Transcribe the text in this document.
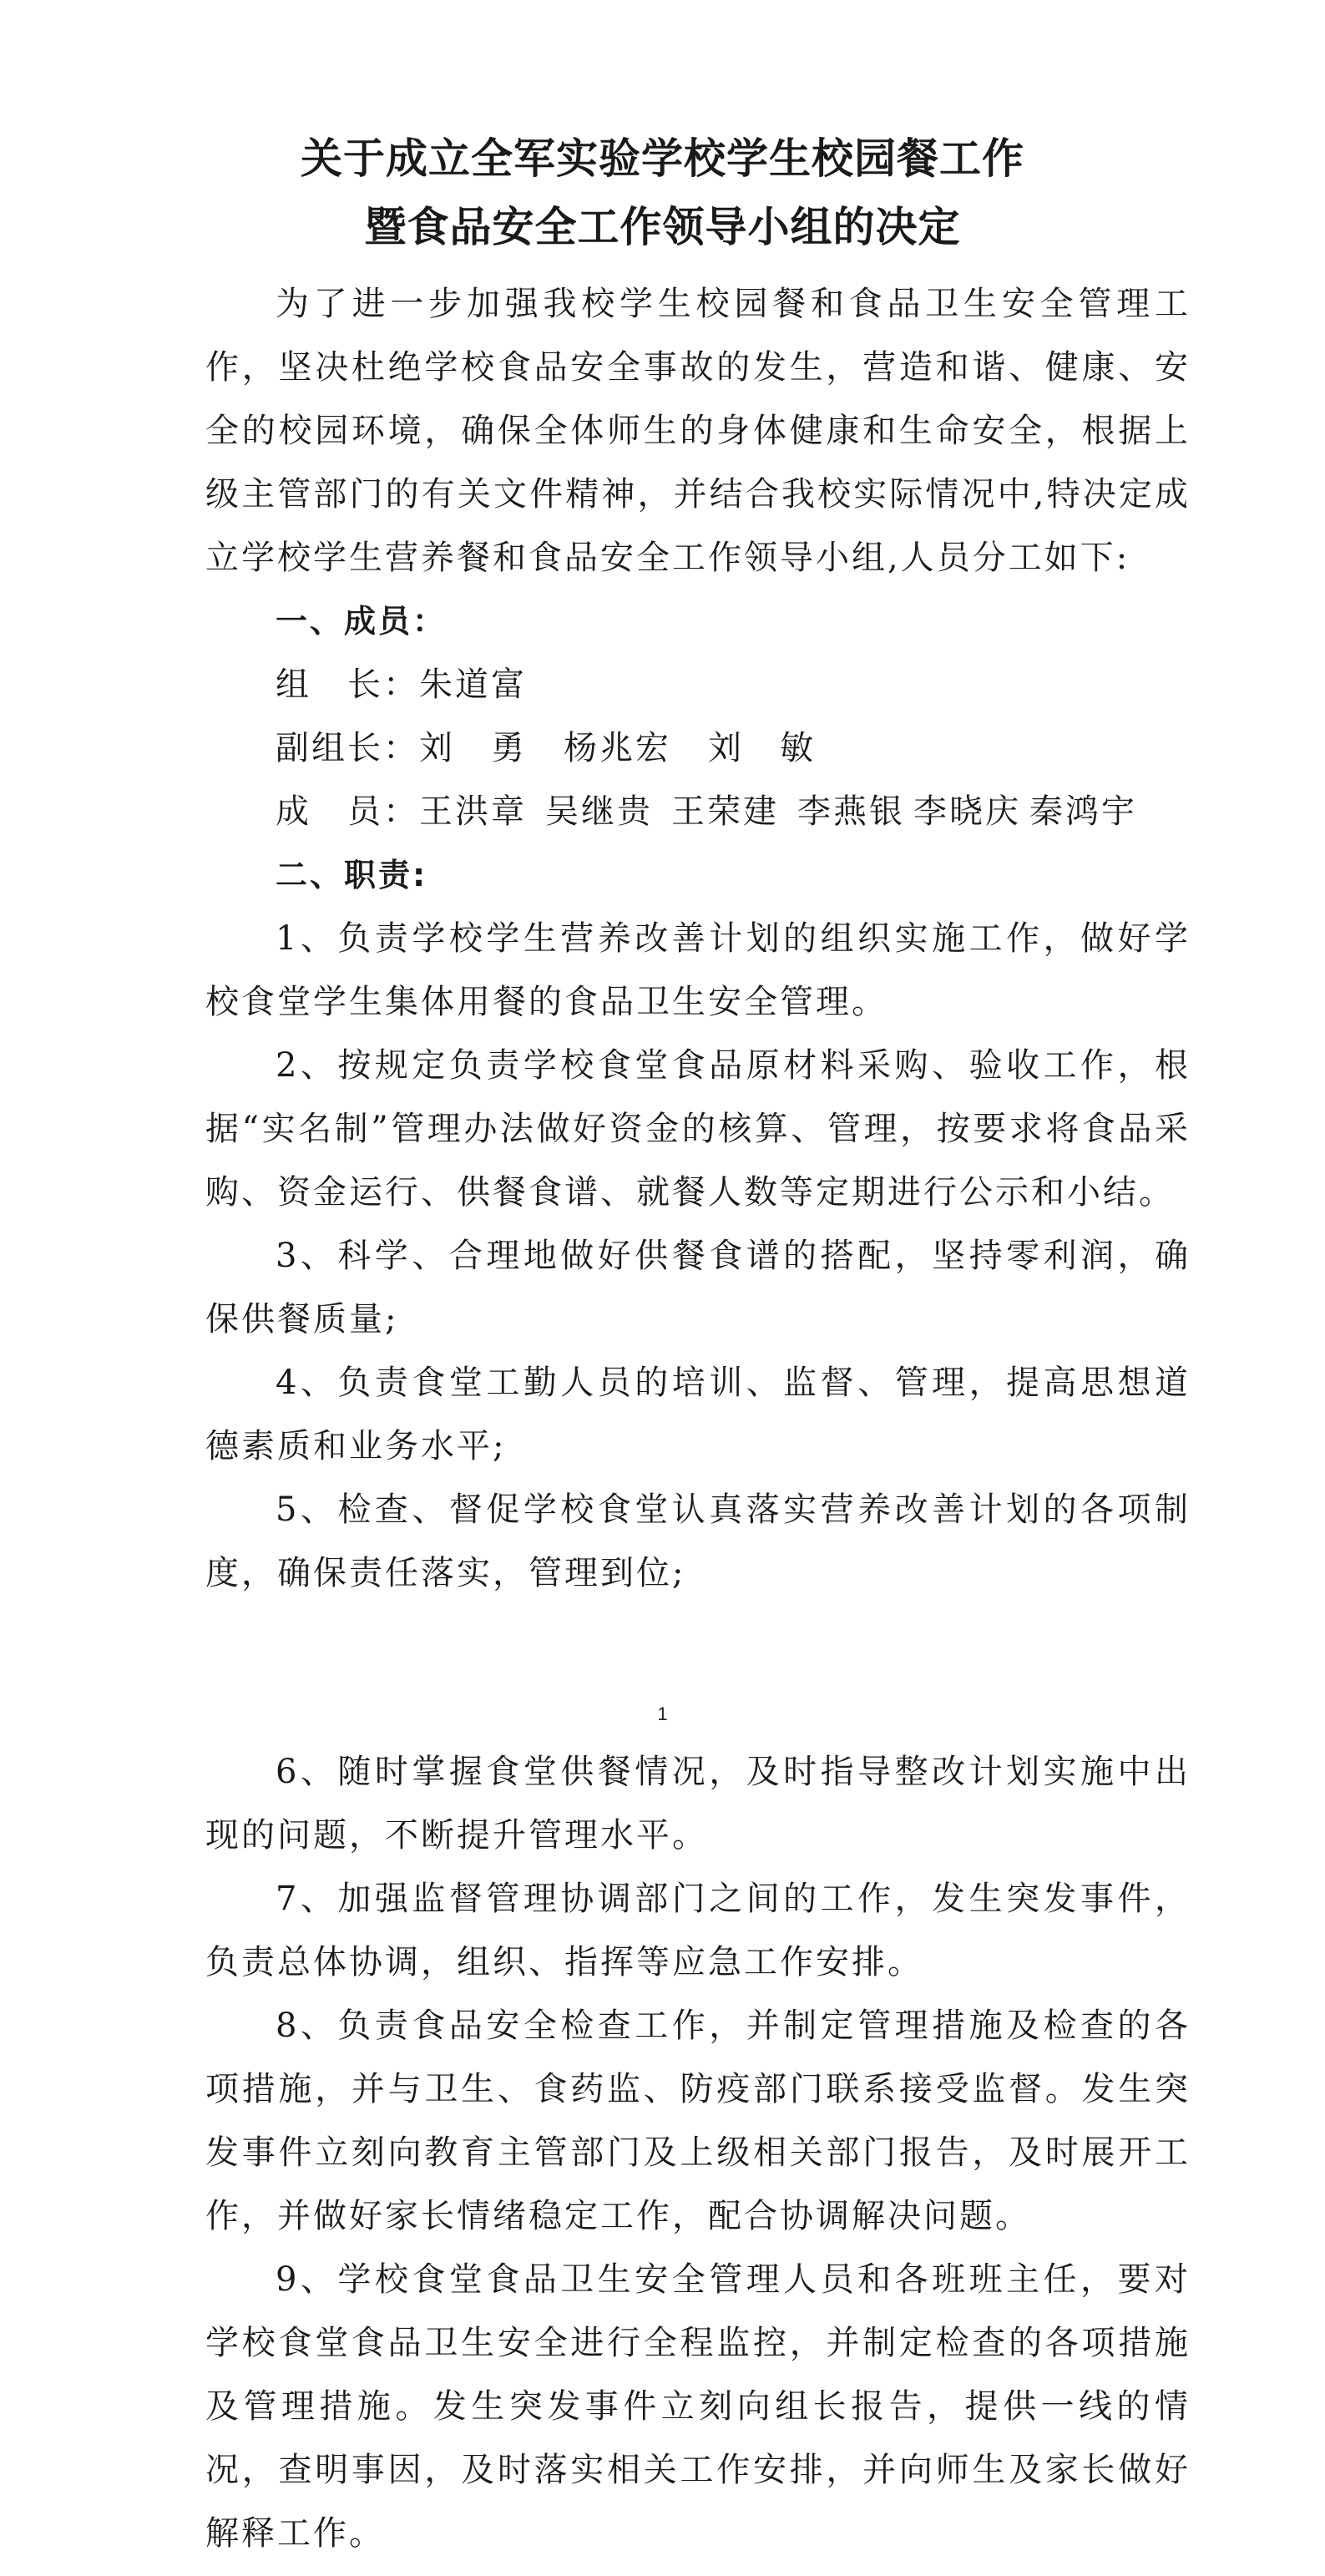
关于成立全军实验学校学生校园餐工作
暨食品安全工作领导小组的决定

为了进一步加强我校学生校园餐和食品卫生安全管理工作，坚决杜绝学校食品安全事故的发生，营造和谐、健康、安全的校园环境，确保全体师生的身体健康和生命安全，根据上级主管部门的有关文件精神，并结合我校实际情况中,特决定成立学校学生营养餐和食品安全工作领导小组,人员分工如下:

一、成员：

组　长：朱道富

副组长：刘　勇 杨兆宏 刘　敏

成　员：王洪章 吴继贵 王荣建 李燕银 李晓庆 秦鸿宇

二、职责:

1、负责学校学生营养改善计划的组织实施工作，做好学校食堂学生集体用餐的食品卫生安全管理。

2、按规定负责学校食堂食品原材料采购、验收工作，根据“实名制”管理办法做好资金的核算、管理，按要求将食品采购、资金运行、供餐食谱、就餐人数等定期进行公示和小结。

3、科学、合理地做好供餐食谱的搭配，坚持零利润，确保供餐质量;

4、负责食堂工勤人员的培训、监督、管理，提高思想道德素质和业务水平;

5、检查、督促学校食堂认真落实营养改善计划的各项制度，确保责任落实，管理到位;

1

6、随时掌握食堂供餐情况，及时指导整改计划实施中出现的问题，不断提升管理水平。

7、加强监督管理协调部门之间的工作，发生突发事件，负责总体协调，组织、指挥等应急工作安排。

8、负责食品安全检查工作，并制定管理措施及检查的各项措施，并与卫生、食药监、防疫部门联系接受监督。发生突发事件立刻向教育主管部门及上级相关部门报告，及时展开工作，并做好家长情绪稳定工作，配合协调解决问题。

9、学校食堂食品卫生安全管理人员和各班班主任，要对学校食堂食品卫生安全进行全程监控，并制定检查的各项措施及管理措施。发生突发事件立刻向组长报告，提供一线的情况，查明事因，及时落实相关工作安排，并向师生及家长做好解释工作。
